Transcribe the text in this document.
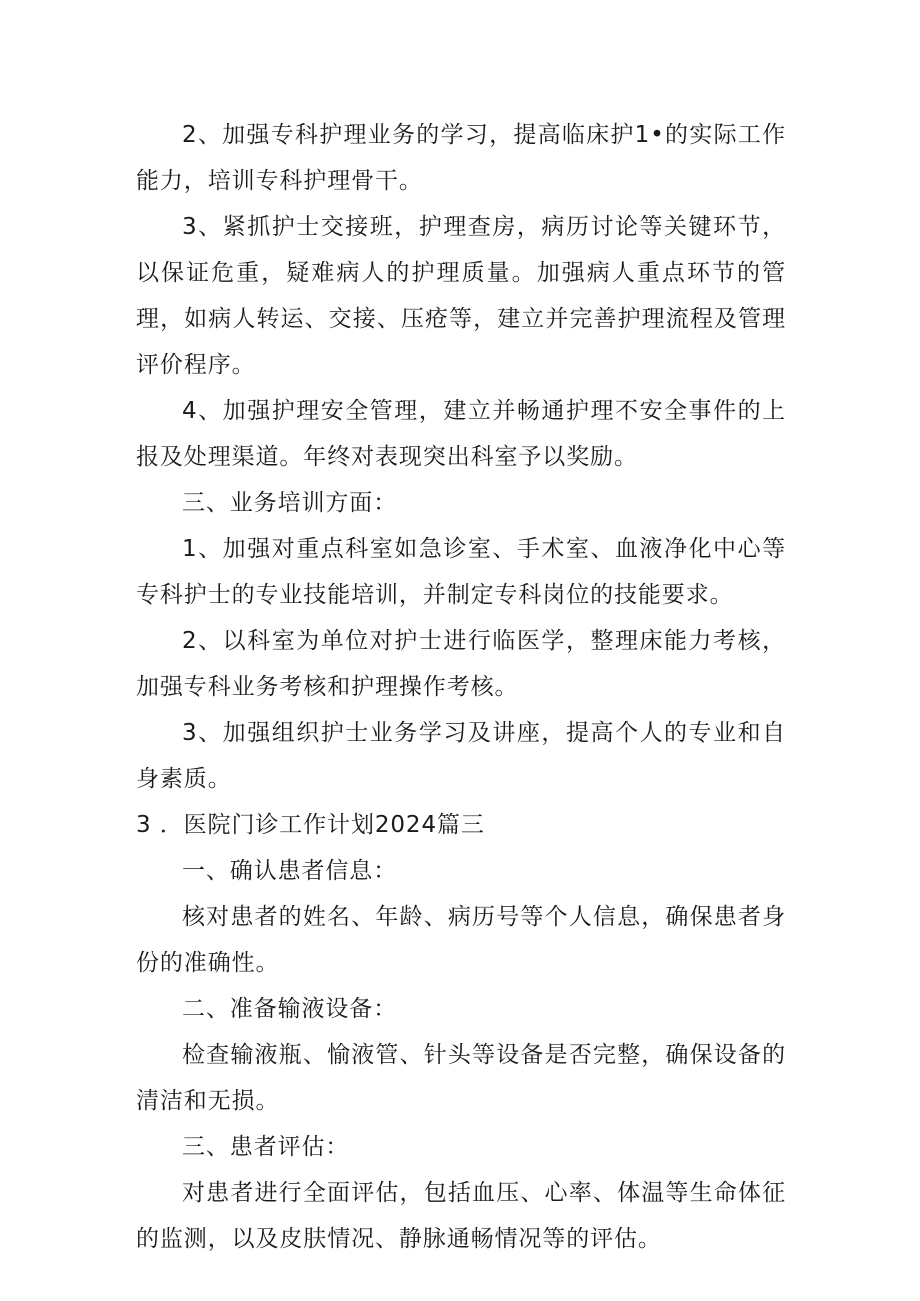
2、加强专科护理业务的学习，提高临床护1•的实际工作能力，培训专科护理骨干。

3、紧抓护士交接班，护理查房，病历讨论等关键环节，以保证危重，疑难病人的护理质量。加强病人重点环节的管理，如病人转运、交接、压疮等，建立并完善护理流程及管理评价程序。

4、加强护理安全管理，建立并畅通护理不安全事件的上报及处理渠道。年终对表现突出科室予以奖励。

三、业务培训方面：

1、加强对重点科室如急诊室、手术室、血液净化中心等专科护士的专业技能培训，并制定专科岗位的技能要求。

2、以科室为单位对护士进行临医学，整理床能力考核，加强专科业务考核和护理操作考核。

3、加强组织护士业务学习及讲座，提高个人的专业和自身素质。

3 ．医院门诊工作计划2024篇三

一、确认患者信息：

核对患者的姓名、年龄、病历号等个人信息，确保患者身份的准确性。

二、准备输液设备：

检查输液瓶、愉液管、针头等设备是否完整，确保设备的清洁和无损。

三、患者评估：

对患者进行全面评估，包括血压、心率、体温等生命体征的监测，以及皮肤情况、静脉通畅情况等的评估。
